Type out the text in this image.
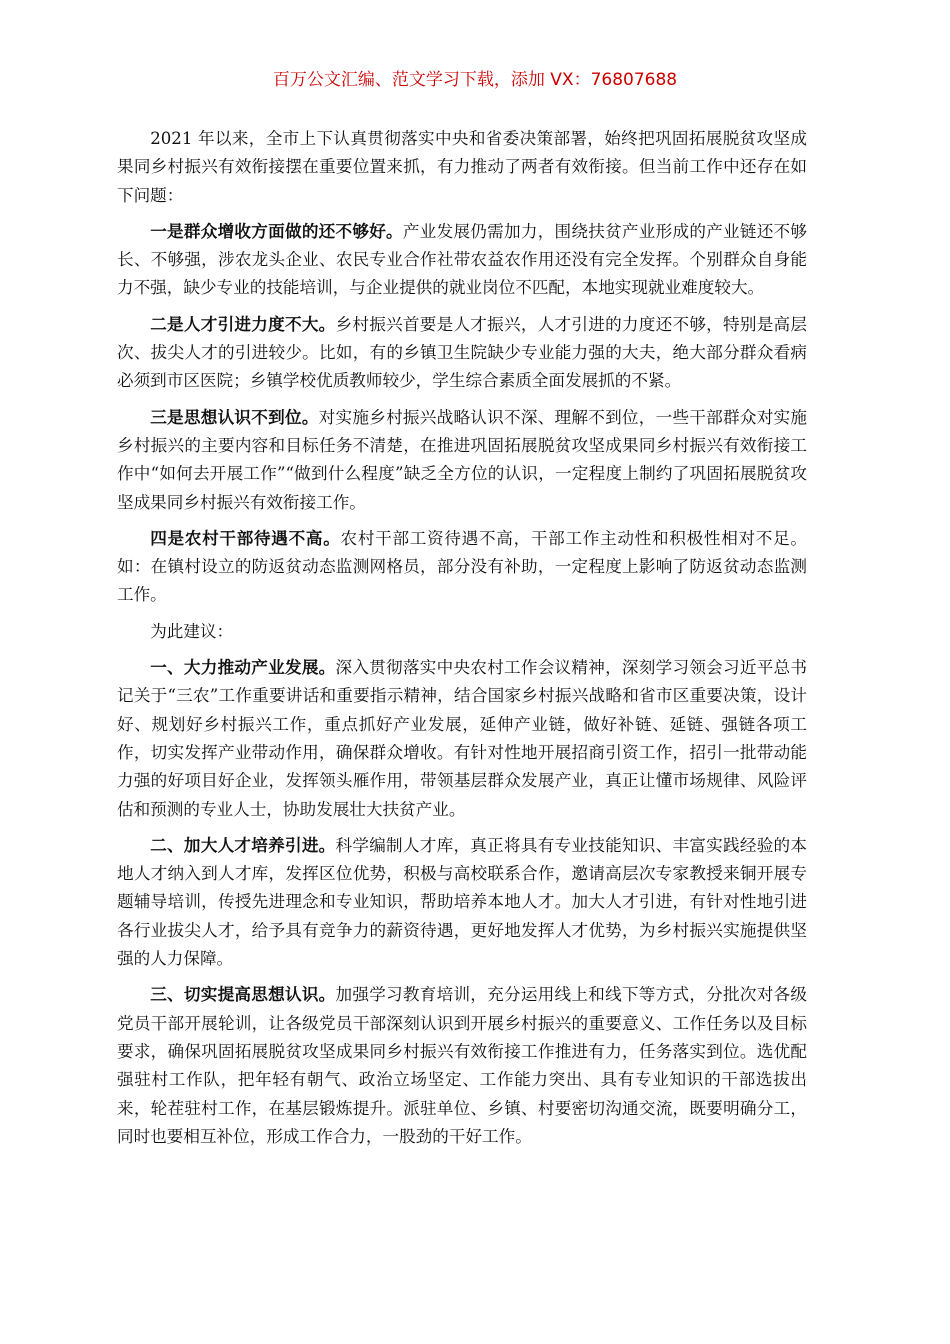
百万公文汇编、范文学习下载，添加 VX：76807688

2021 年以来，全市上下认真贯彻落实中央和省委决策部署，始终把巩固拓展脱贫攻坚成果同乡村振兴有效衔接摆在重要位置来抓，有力推动了两者有效衔接。但当前工作中还存在如下问题：

一是群众增收方面做的还不够好。产业发展仍需加力，围绕扶贫产业形成的产业链还不够长、不够强，涉农龙头企业、农民专业合作社带农益农作用还没有完全发挥。个别群众自身能力不强，缺少专业的技能培训，与企业提供的就业岗位不匹配，本地实现就业难度较大。

二是人才引进力度不大。乡村振兴首要是人才振兴，人才引进的力度还不够，特别是高层次、拔尖人才的引进较少。比如，有的乡镇卫生院缺少专业能力强的大夫，绝大部分群众看病必须到市区医院；乡镇学校优质教师较少，学生综合素质全面发展抓的不紧。

三是思想认识不到位。对实施乡村振兴战略认识不深、理解不到位，一些干部群众对实施乡村振兴的主要内容和目标任务不清楚，在推进巩固拓展脱贫攻坚成果同乡村振兴有效衔接工作中“如何去开展工作”“做到什么程度”缺乏全方位的认识，一定程度上制约了巩固拓展脱贫攻坚成果同乡村振兴有效衔接工作。

四是农村干部待遇不高。农村干部工资待遇不高，干部工作主动性和积极性相对不足。如：在镇村设立的防返贫动态监测网格员，部分没有补助，一定程度上影响了防返贫动态监测工作。

为此建议：

一、大力推动产业发展。深入贯彻落实中央农村工作会议精神，深刻学习领会习近平总书记关于“三农”工作重要讲话和重要指示精神，结合国家乡村振兴战略和省市区重要决策，设计好、规划好乡村振兴工作，重点抓好产业发展，延伸产业链，做好补链、延链、强链各项工作，切实发挥产业带动作用，确保群众增收。有针对性地开展招商引资工作，招引一批带动能力强的好项目好企业，发挥领头雁作用，带领基层群众发展产业，真正让懂市场规律、风险评估和预测的专业人士，协助发展壮大扶贫产业。

二、加大人才培养引进。科学编制人才库，真正将具有专业技能知识、丰富实践经验的本地人才纳入到人才库，发挥区位优势，积极与高校联系合作，邀请高层次专家教授来铜开展专题辅导培训，传授先进理念和专业知识，帮助培养本地人才。加大人才引进，有针对性地引进各行业拔尖人才，给予具有竞争力的薪资待遇，更好地发挥人才优势，为乡村振兴实施提供坚强的人力保障。

三、切实提高思想认识。加强学习教育培训，充分运用线上和线下等方式，分批次对各级党员干部开展轮训，让各级党员干部深刻认识到开展乡村振兴的重要意义、工作任务以及目标要求，确保巩固拓展脱贫攻坚成果同乡村振兴有效衔接工作推进有力，任务落实到位。选优配强驻村工作队，把年轻有朝气、政治立场坚定、工作能力突出、具有专业知识的干部选拔出来，轮茬驻村工作，在基层锻炼提升。派驻单位、乡镇、村要密切沟通交流，既要明确分工，同时也要相互补位，形成工作合力，一股劲的干好工作。
